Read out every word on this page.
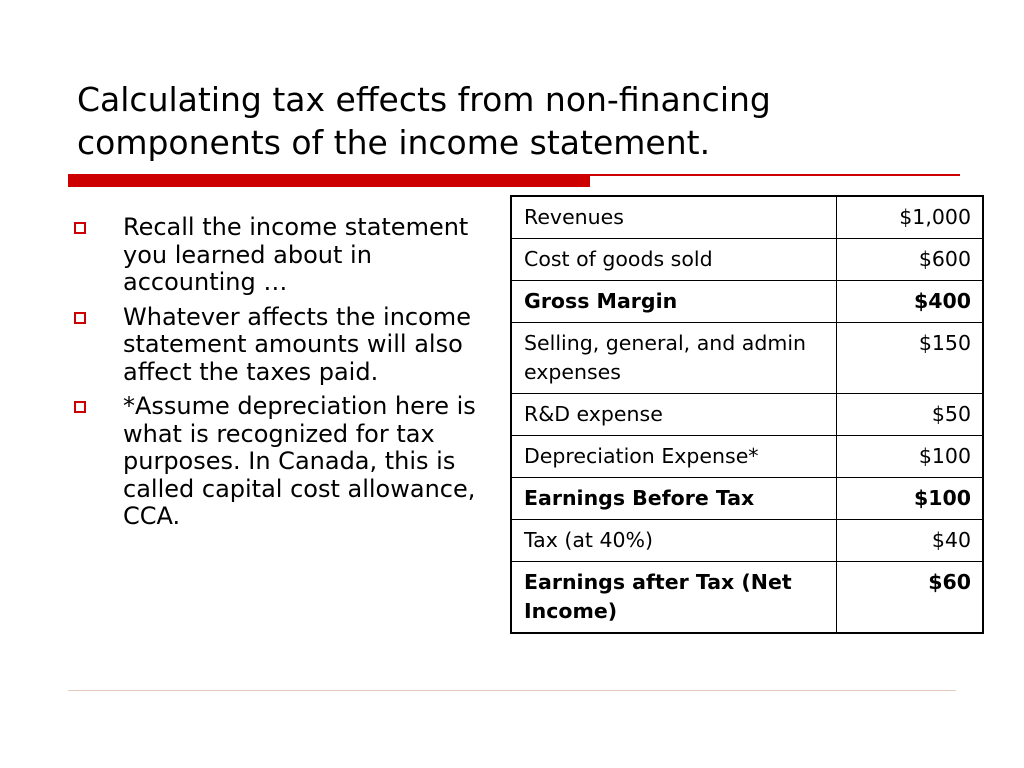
Calculating tax effects from non-financing
components of the income statement.
Recall the income statement you learned about in accounting …
Whatever affects the income statement amounts will also affect the taxes paid.
*Assume depreciation here is what is recognized for tax purposes. In Canada, this is called capital cost allowance, CCA.
Revenues	$1,000
Cost of goods sold	$600
Gross Margin	$400
Selling, general, and admin expenses	$150
R&D expense	$50
Depreciation Expense*	$100
Earnings Before Tax	$100
Tax (at 40%)	$40
Earnings after Tax (Net Income)	$60
